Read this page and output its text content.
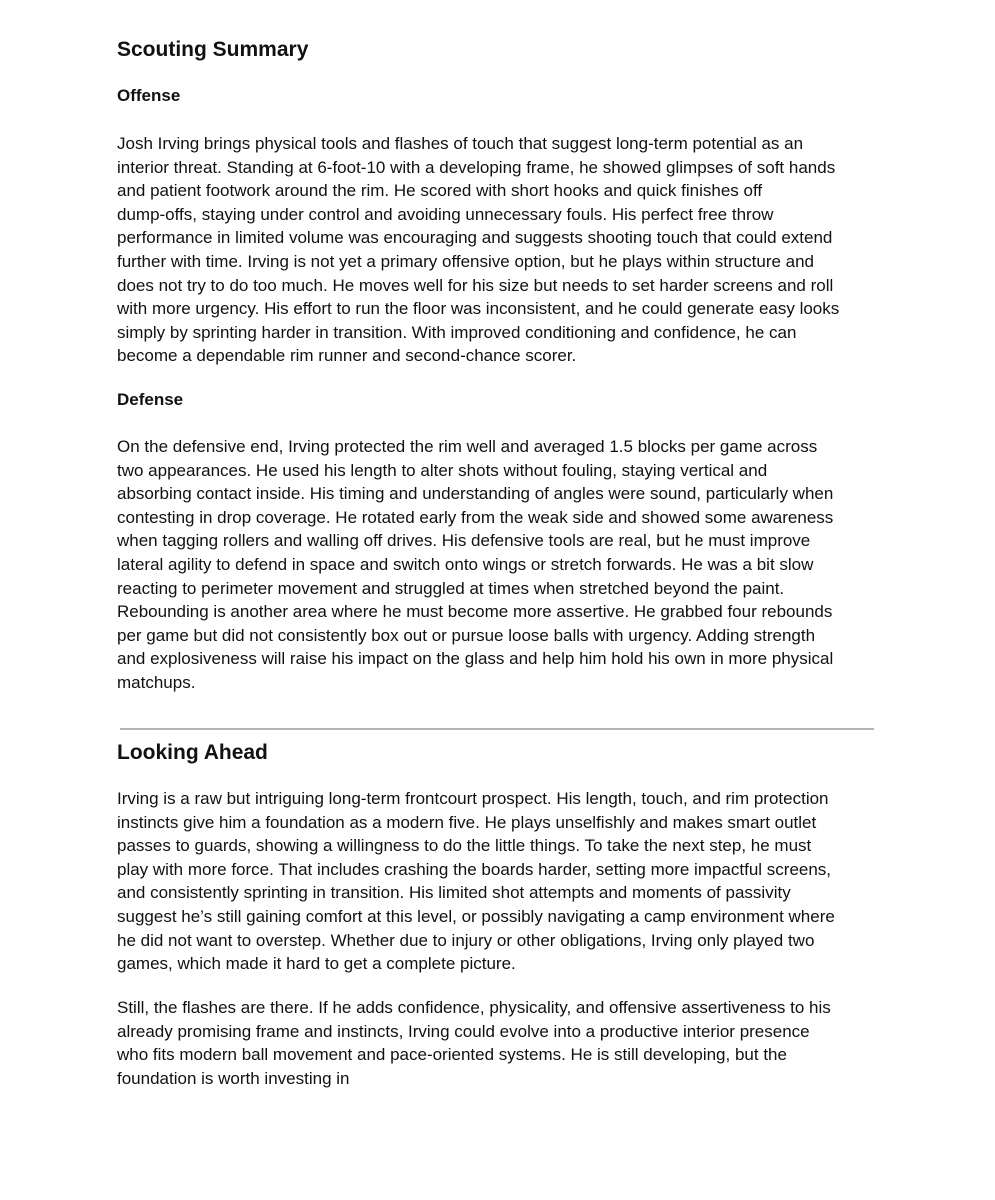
Scouting Summary
Offense

Josh Irving brings physical tools and flashes of touch that suggest long-term potential as an
interior threat. Standing at 6-foot-10 with a developing frame, he showed glimpses of soft hands
and patient footwork around the rim. He scored with short hooks and quick finishes off
dump-offs, staying under control and avoiding unnecessary fouls. His perfect free throw
performance in limited volume was encouraging and suggests shooting touch that could extend
further with time. Irving is not yet a primary offensive option, but he plays within structure and
does not try to do too much. He moves well for his size but needs to set harder screens and roll
with more urgency. His effort to run the floor was inconsistent, and he could generate easy looks
simply by sprinting harder in transition. With improved conditioning and confidence, he can
become a dependable rim runner and second-chance scorer.

Defense

On the defensive end, Irving protected the rim well and averaged 1.5 blocks per game across
two appearances. He used his length to alter shots without fouling, staying vertical and
absorbing contact inside. His timing and understanding of angles were sound, particularly when
contesting in drop coverage. He rotated early from the weak side and showed some awareness
when tagging rollers and walling off drives. His defensive tools are real, but he must improve
lateral agility to defend in space and switch onto wings or stretch forwards. He was a bit slow
reacting to perimeter movement and struggled at times when stretched beyond the paint.
Rebounding is another area where he must become more assertive. He grabbed four rebounds
per game but did not consistently box out or pursue loose balls with urgency. Adding strength
and explosiveness will raise his impact on the glass and help him hold his own in more physical
matchups.

Looking Ahead

Irving is a raw but intriguing long-term frontcourt prospect. His length, touch, and rim protection
instincts give him a foundation as a modern five. He plays unselfishly and makes smart outlet
passes to guards, showing a willingness to do the little things. To take the next step, he must
play with more force. That includes crashing the boards harder, setting more impactful screens,
and consistently sprinting in transition. His limited shot attempts and moments of passivity
suggest he’s still gaining comfort at this level, or possibly navigating a camp environment where
he did not want to overstep. Whether due to injury or other obligations, Irving only played two
games, which made it hard to get a complete picture.

Still, the flashes are there. If he adds confidence, physicality, and offensive assertiveness to his
already promising frame and instincts, Irving could evolve into a productive interior presence
who fits modern ball movement and pace-oriented systems. He is still developing, but the
foundation is worth investing in
